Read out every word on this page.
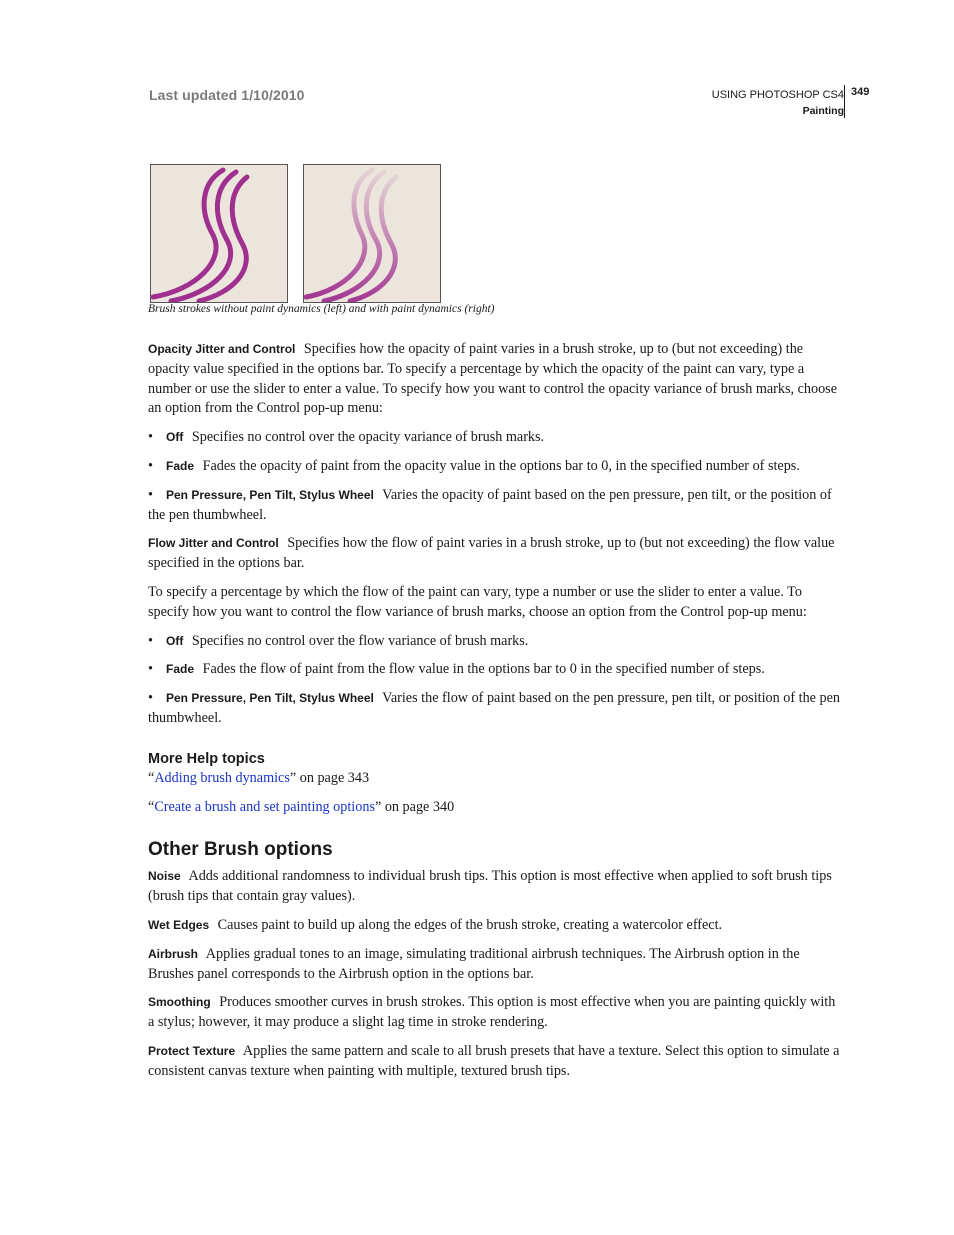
Last updated 1/10/2010	USING PHOTOSHOP CS4
Painting
349
Brush strokes without paint dynamics (left) and with paint dynamics (right)

Opacity Jitter and Control Specifies how the opacity of paint varies in a brush stroke, up to (but not exceeding) the opacity value specified in the options bar. To specify a percentage by which the opacity of the paint can vary, type a number or use the slider to enter a value. To specify how you want to control the opacity variance of brush marks, choose an option from the Control pop-up menu:

• Off Specifies no control over the opacity variance of brush marks.

• Fade Fades the opacity of paint from the opacity value in the options bar to 0, in the specified number of steps.

• Pen Pressure, Pen Tilt, Stylus Wheel Varies the opacity of paint based on the pen pressure, pen tilt, or the position of the pen thumbwheel.

Flow Jitter and Control Specifies how the flow of paint varies in a brush stroke, up to (but not exceeding) the flow value specified in the options bar.

To specify a percentage by which the flow of the paint can vary, type a number or use the slider to enter a value. To specify how you want to control the flow variance of brush marks, choose an option from the Control pop-up menu:

• Off Specifies no control over the flow variance of brush marks.

• Fade Fades the flow of paint from the flow value in the options bar to 0 in the specified number of steps.

• Pen Pressure, Pen Tilt, Stylus Wheel Varies the flow of paint based on the pen pressure, pen tilt, or position of the pen thumbwheel.

More Help topics

“Adding brush dynamics” on page 343

“Create a brush and set painting options” on page 340

Other Brush options

Noise Adds additional randomness to individual brush tips. This option is most effective when applied to soft brush tips (brush tips that contain gray values).

Wet Edges Causes paint to build up along the edges of the brush stroke, creating a watercolor effect.

Airbrush Applies gradual tones to an image, simulating traditional airbrush techniques. The Airbrush option in the Brushes panel corresponds to the Airbrush option in the options bar.

Smoothing Produces smoother curves in brush strokes. This option is most effective when you are painting quickly with a stylus; however, it may produce a slight lag time in stroke rendering.

Protect Texture Applies the same pattern and scale to all brush presets that have a texture. Select this option to simulate a consistent canvas texture when painting with multiple, textured brush tips.
